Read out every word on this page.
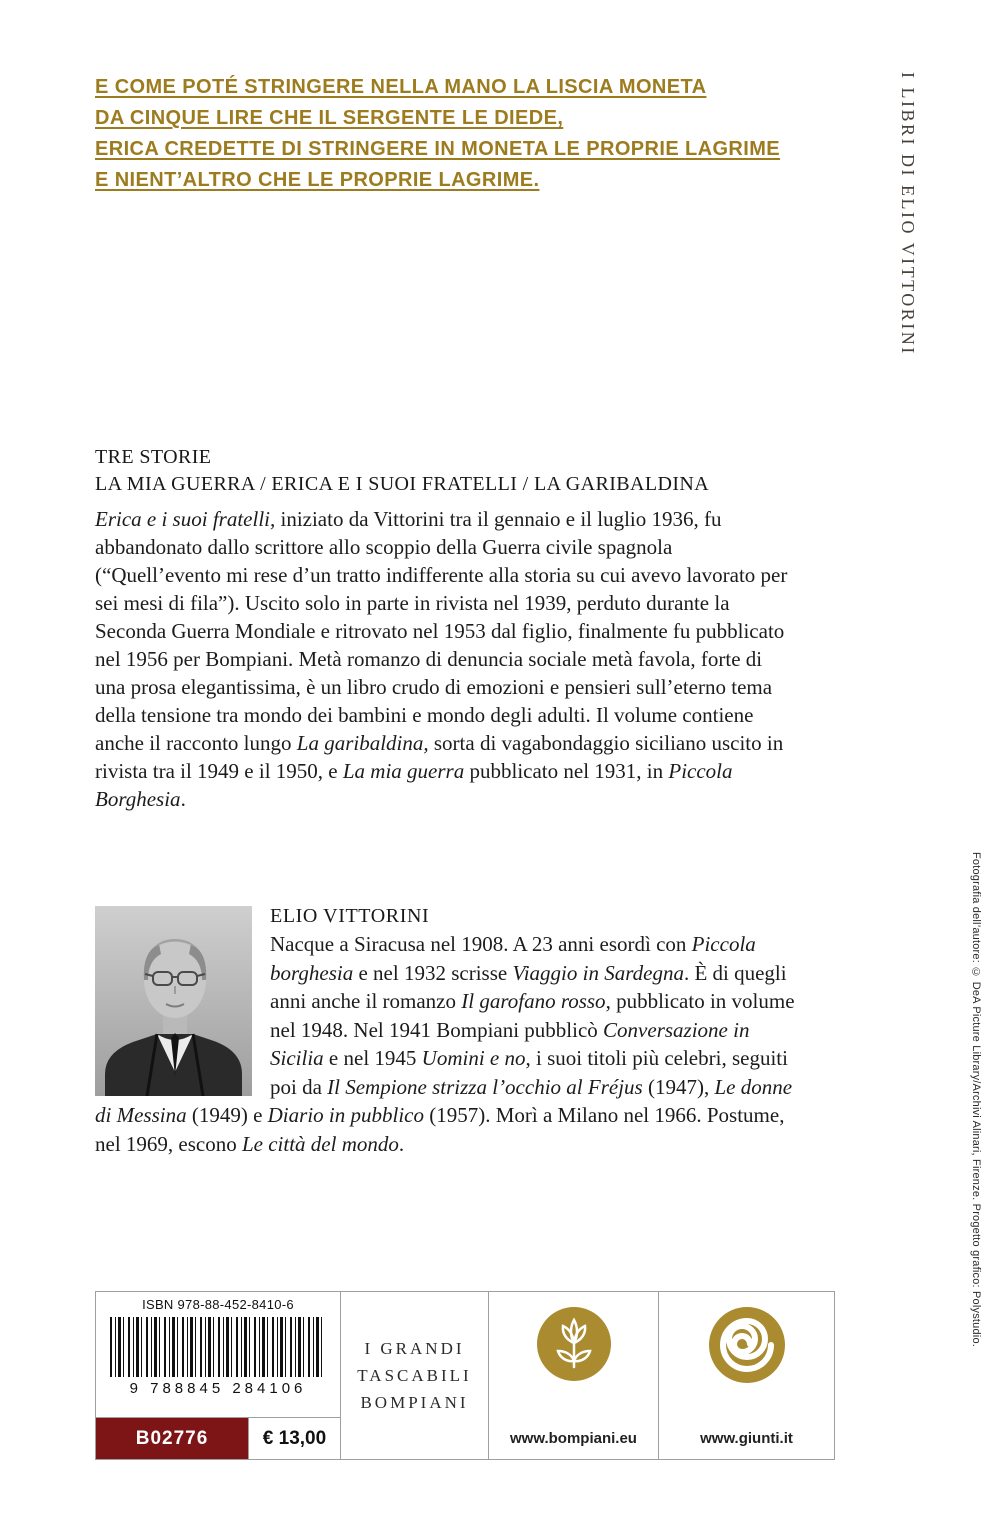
E COME POTÉ STRINGERE NELLA MANO LA LISCIA MONETA
DA CINQUE LIRE CHE IL SERGENTE LE DIEDE,
ERICA CREDETTE DI STRINGERE IN MONETA LE PROPRIE LAGRIME
E NIENT’ALTRO CHE LE PROPRIE LAGRIME.	I LIBRI DI ELIO VITTORINI
Fotografia dell’autore: © DeA Picture Library/Archivi Alinari, Firenze. Progetto grafico: Polystudio.
TRE STORIE
LA MIA GUERRA / ERICA E I SUOI FRATELLI / LA GARIBALDINA
Erica e i suoi fratelli, iniziato da Vittorini tra il gennaio e il luglio 1936, fu abbandonato dallo scrittore allo scoppio della Guerra civile spagnola (“Quell’evento mi rese d’un tratto indifferente alla storia su cui avevo lavorato per sei mesi di fila”). Uscito solo in parte in rivista nel 1939, perduto durante la Seconda Guerra Mondiale e ritrovato nel 1953 dal figlio, finalmente fu pubblicato nel 1956 per Bompiani. Metà romanzo di denuncia sociale metà favola, forte di una prosa elegantissima, è un libro crudo di emozioni e pensieri sull’eterno tema della tensione tra mondo dei bambini e mondo degli adulti. Il volume contiene anche il racconto lungo La garibaldina, sorta di vagabondaggio siciliano uscito in rivista tra il 1949 e il 1950, e La mia guerra pubblicato nel 1931, in Piccola Borghesia.
ELIO VITTORINI
Nacque a Siracusa nel 1908. A 23 anni esordì con Piccola borghesia e nel 1932 scrisse Viaggio in Sardegna. È di quegli anni anche il romanzo Il garofano rosso, pubblicato in volume nel 1948. Nel 1941 Bompiani pubblicò Conversazione in Sicilia e nel 1945 Uomini e no, i suoi titoli più celebri, seguiti poi da Il Sempione strizza l’occhio al Fréjus (1947), Le donne di Messina (1949) e Diario in pubblico (1957). Morì a Milano nel 1966. Postume, nel 1969, escono Le città del mondo.
ISBN 978-88-452-8410-6
9 788845 284106
B02776	€ 13,00
I GRANDI
TASCABILI
BOMPIANI
www.bompiani.eu	www.giunti.it
